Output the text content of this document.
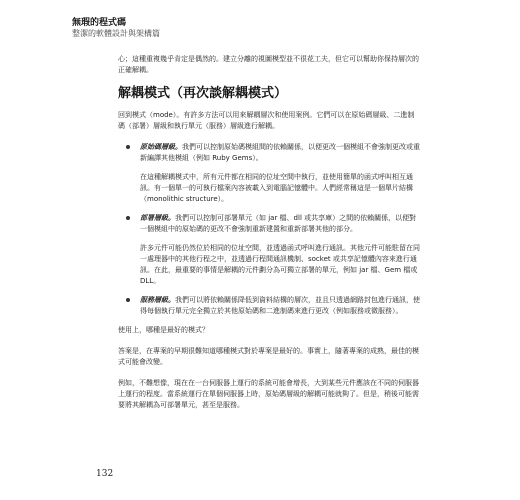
無瑕的程式碼
整潔的軟體設計與架構篇

心；這種重複幾乎肯定是偶然的。建立分離的視圖模型並不很花工夫，但它可以幫助你保持層次的正確解耦。

解耦模式（再次談解耦模式）

回到模式（mode）。有許多方法可以用來解耦層次和使用案例。它們可以在原始碼層級、二進制碼（部署）層級和執行單元（服務）層級進行解耦。

原始碼層級。我們可以控制原始碼模組間的依賴關係，以便更改一個模組不會強制更改或重新編譯其他模組（例如 Ruby Gems）。

在這種解耦模式中，所有元件都在相同的位址空間中執行，並使用簡單的函式呼叫相互通訊。有一個單一的可執行檔案內容被載入到電腦記憶體中。人們經常稱這是一個單片結構（monolithic structure）。

部署層級。我們可以控制可部署單元（如 jar 檔、dll 或共享庫）之間的依賴關係，以便對一個模組中的原始碼的更改不會強制重新建置和重新部署其他的部分。

許多元件可能仍然位於相同的位址空間，並透過函式呼叫進行通訊。其他元件可能駐留在同一處理器中的其他行程之中，並透過行程間通訊機制、socket 或共享記憶體內容來進行通訊。在此，最重要的事情是解耦的元件劃分為可獨立部署的單元，例如 jar 檔、Gem 檔或 DLL。

服務層級。我們可以將依賴關係降低到資料結構的層次，並且只透過網路封包進行通訊，使得每個執行單元完全獨立於其他原始碼和二進制碼來進行更改（例如服務或微服務）。

使用上，哪種是最好的模式？

答案是，在專案的早期很難知道哪種模式對於專案是最好的。事實上，隨著專案的成熟，最佳的模式可能會改變。

例如，不難想像，現在在一台伺服器上運行的系統可能會增長，大到某些元件應該在不同的伺服器上運行的程度。當系統運行在單個伺服器上時，原始碼層級的解耦可能就夠了。但是，稍後可能需要將其解耦為可部署單元，甚至是服務。

132
